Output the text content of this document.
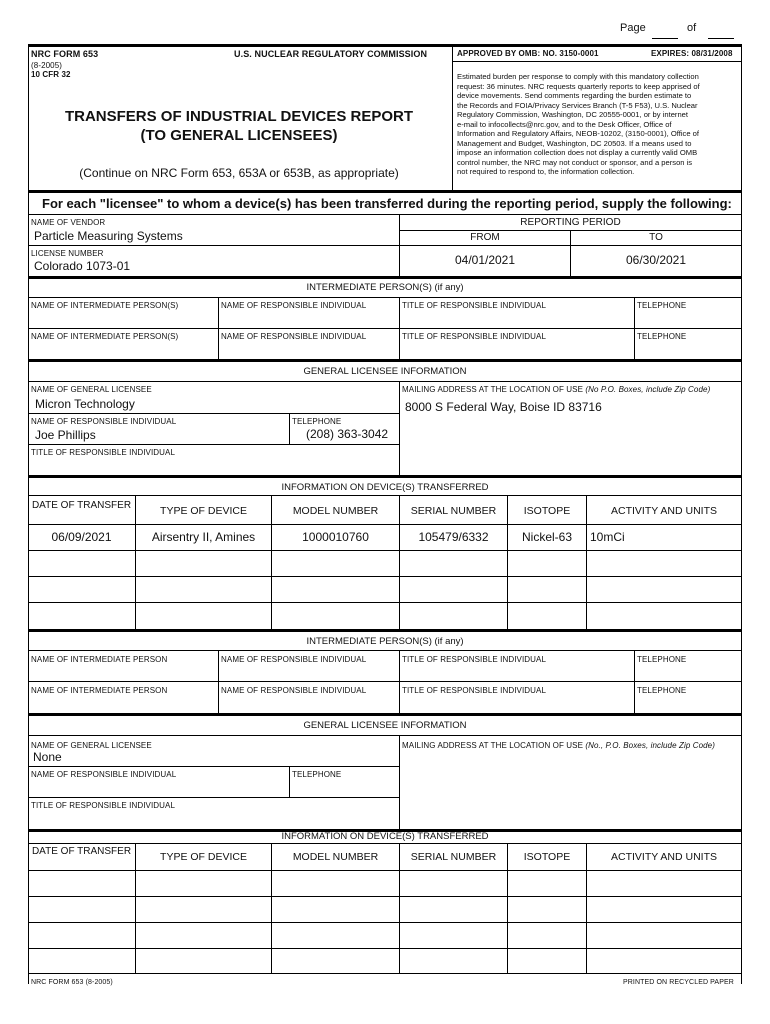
Page	of
NRC FORM 653
(8-2005)
10 CFR 32
U.S. NUCLEAR REGULATORY COMMISSION
TRANSFERS OF INDUSTRIAL DEVICES REPORT
(TO GENERAL LICENSEES)
(Continue on NRC Form 653, 653A or 653B, as appropriate)
APPROVED BY OMB: NO. 3150-0001	EXPIRES: 08/31/2008
Estimated burden per response to comply with this mandatory collection
request: 36 minutes. NRC requests quarterly reports to keep apprised of
device movements. Send comments regarding the burden estimate to
the Records and FOIA/Privacy Services Branch (T-5 F53), U.S. Nuclear
Regulatory Commission, Washington, DC 20555-0001, or by internet
e-mail to infocollects@nrc.gov, and to the Desk Officer, Office of
Information and Regulatory Affairs, NEOB-10202, (3150-0001), Office of
Management and Budget, Washington, DC 20503. If a means used to
impose an information collection does not display a currently valid OMB
control number, the NRC may not conduct or sponsor, and a person is
not required to respond to, the information collection.
For each "licensee" to whom a device(s) has been transferred during the reporting period, supply the following:
NAME OF VENDOR
Particle Measuring Systems
LICENSE NUMBER
Colorado 1073-01
REPORTING PERIOD
FROM	TO
04/01/2021	06/30/2021
INTERMEDIATE PERSON(S) (if any)
NAME OF INTERMEDIATE PERSON(S)	NAME OF RESPONSIBLE INDIVIDUAL	TITLE OF RESPONSIBLE INDIVIDUAL	TELEPHONE
NAME OF INTERMEDIATE PERSON(S)	NAME OF RESPONSIBLE INDIVIDUAL	TITLE OF RESPONSIBLE INDIVIDUAL	TELEPHONE
GENERAL LICENSEE INFORMATION
NAME OF GENERAL LICENSEE
Micron Technology
MAILING ADDRESS AT THE LOCATION OF USE (No P.O. Boxes, include Zip Code)
8000 S Federal Way, Boise ID 83716
NAME OF RESPONSIBLE INDIVIDUAL
Joe Phillips
TELEPHONE
(208) 363-3042
TITLE OF RESPONSIBLE INDIVIDUAL
INFORMATION ON DEVICE(S) TRANSFERRED
DATE OF TRANSFER	TYPE OF DEVICE	MODEL NUMBER	SERIAL NUMBER	ISOTOPE	ACTIVITY AND UNITS
06/09/2021	Airsentry II, Amines	1000010760	105479/6332	Nickel-63	10mCi
INTERMEDIATE PERSON(S) (if any)
NAME OF INTERMEDIATE PERSON	NAME OF RESPONSIBLE INDIVIDUAL	TITLE OF RESPONSIBLE INDIVIDUAL	TELEPHONE
NAME OF INTERMEDIATE PERSON	NAME OF RESPONSIBLE INDIVIDUAL	TITLE OF RESPONSIBLE INDIVIDUAL	TELEPHONE
GENERAL LICENSEE INFORMATION
NAME OF GENERAL LICENSEE
None
MAILING ADDRESS AT THE LOCATION OF USE (No., P.O. Boxes, include Zip Code)
NAME OF RESPONSIBLE INDIVIDUAL	TELEPHONE
TITLE OF RESPONSIBLE INDIVIDUAL
INFORMATION ON DEVICE(S) TRANSFERRED
DATE OF TRANSFER	TYPE OF DEVICE	MODEL NUMBER	SERIAL NUMBER	ISOTOPE	ACTIVITY AND UNITS
NRC FORM 653 (8-2005)	PRINTED ON RECYCLED PAPER
